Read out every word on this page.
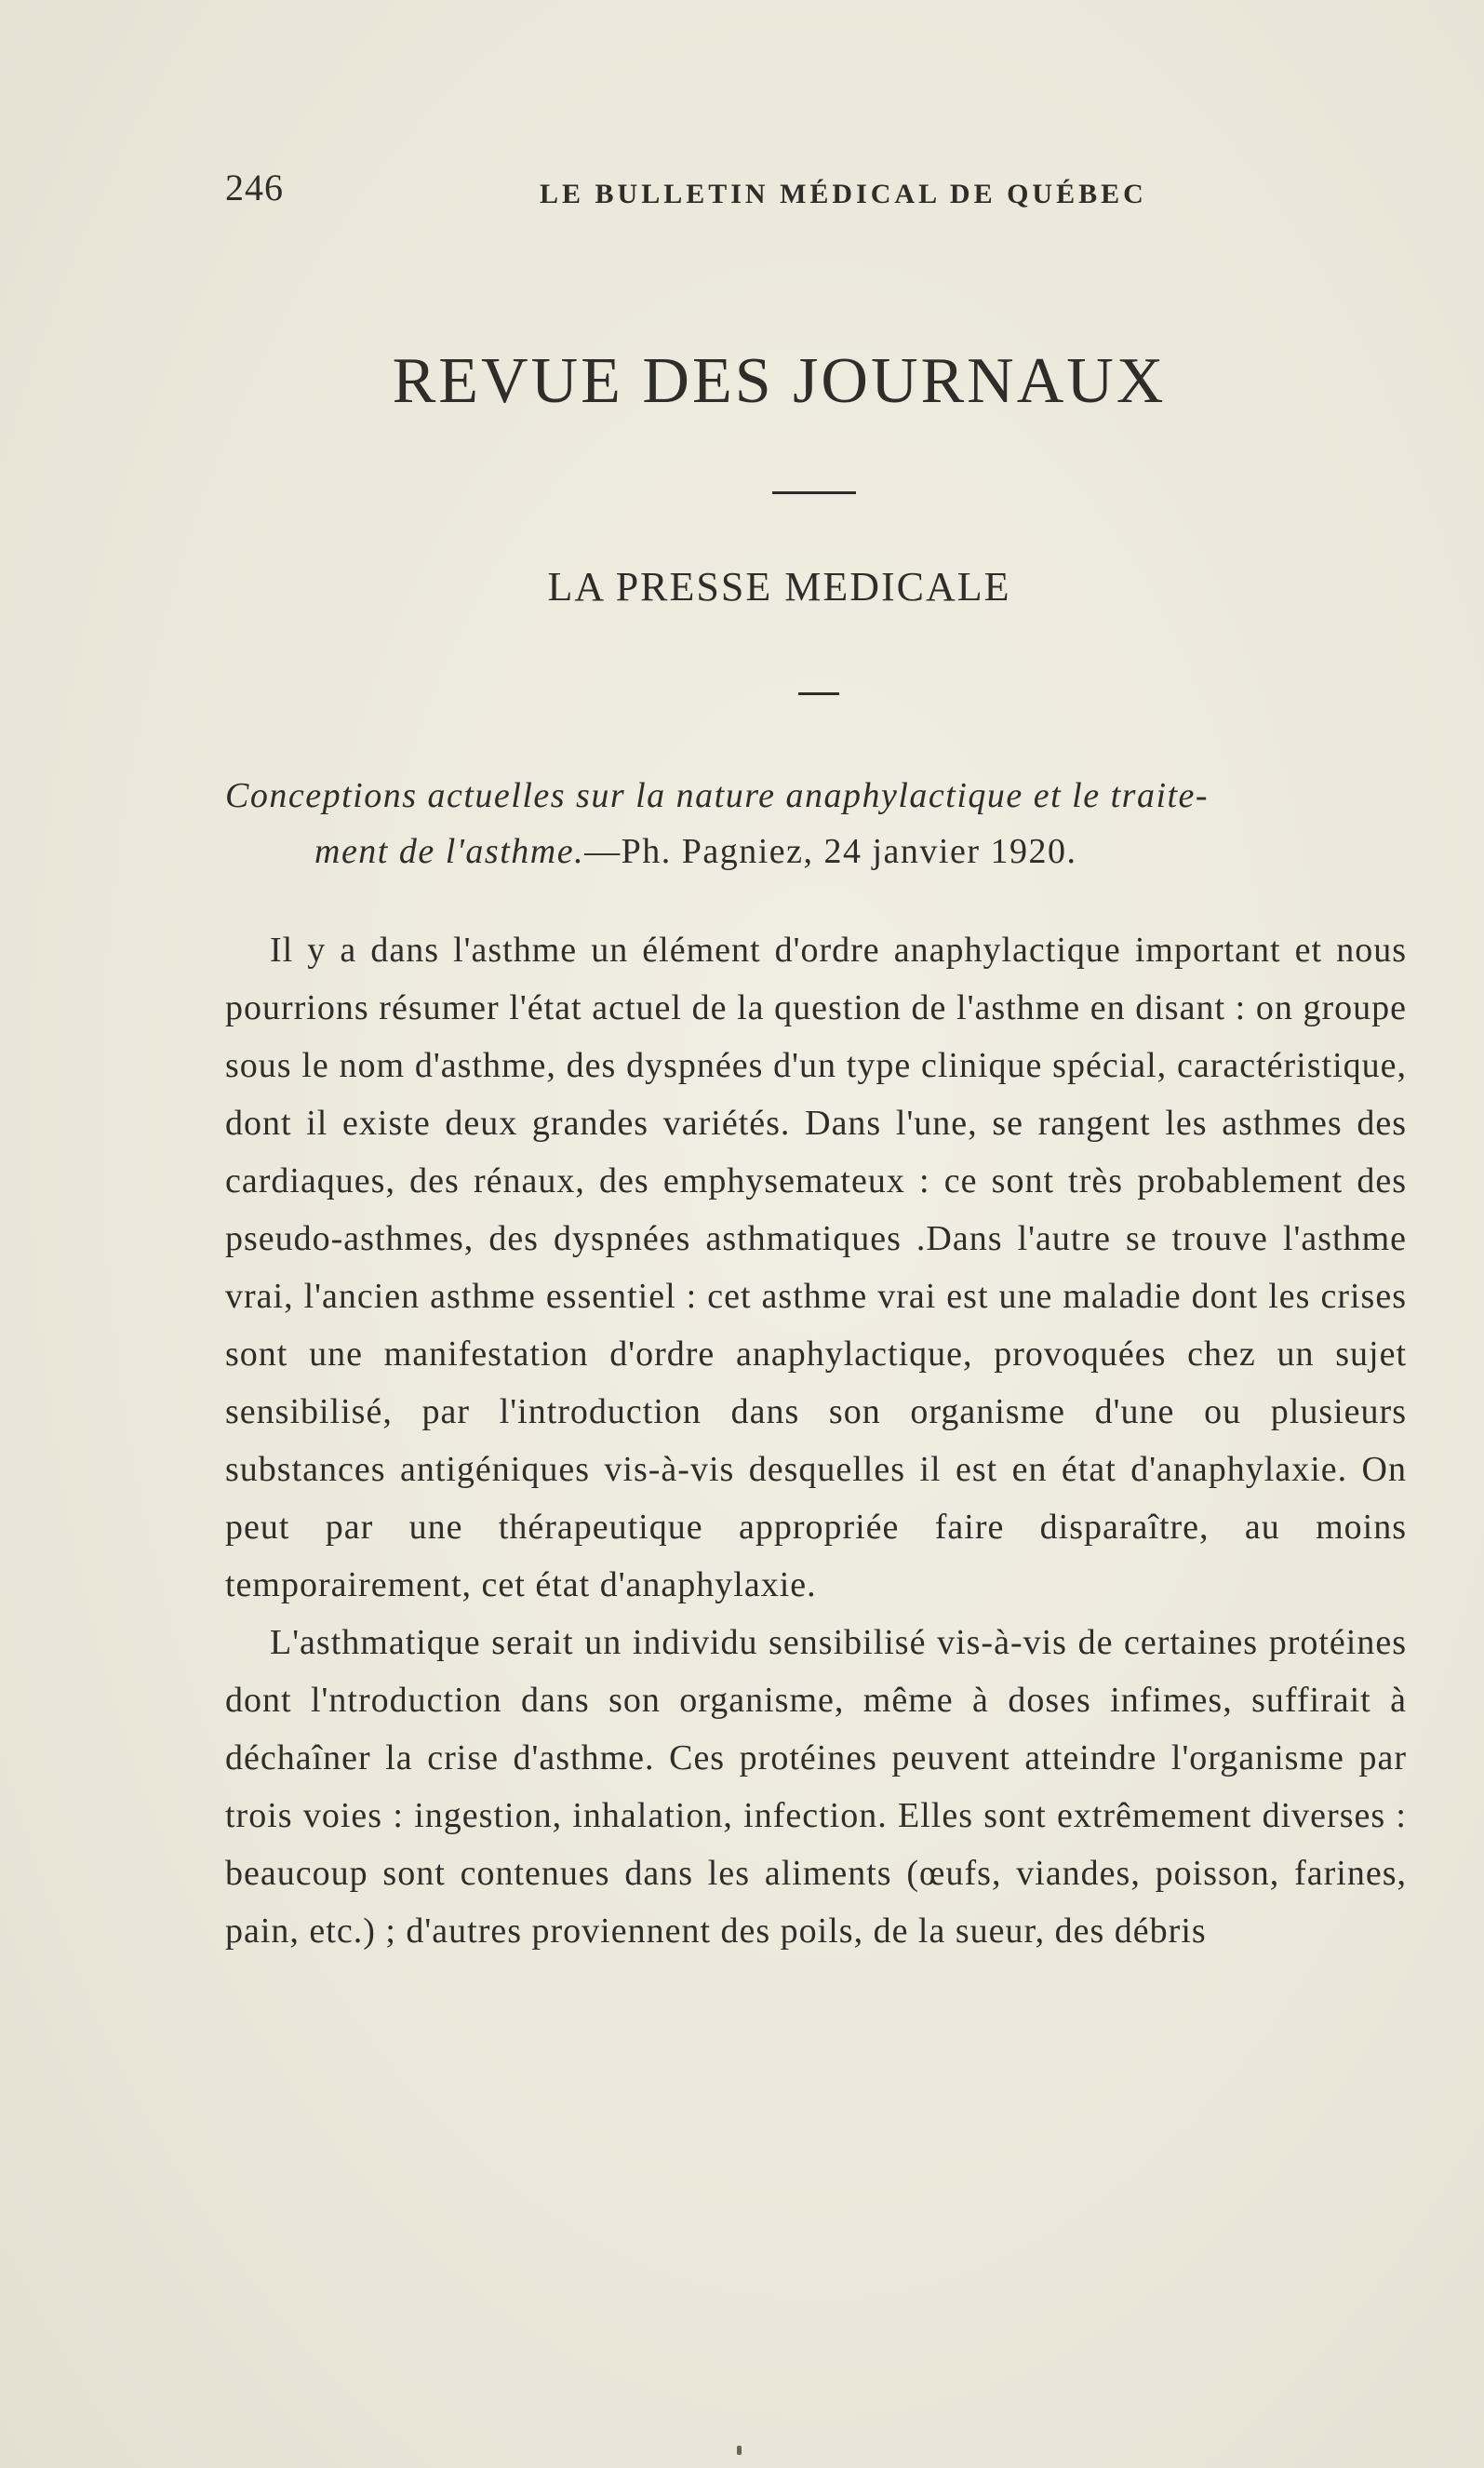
246	LE BULLETIN MÉDICAL DE QUÉBEC
REVUE DES JOURNAUX
LA PRESSE MEDICALE
Conceptions actuelles sur la nature anaphylactique et le traite-
ment de l'asthme.—Ph. Pagniez, 24 janvier 1920.

Il y a dans l'asthme un élément d'ordre anaphylactique important et nous pourrions résumer l'état actuel de la question de l'asthme en disant : on groupe sous le nom d'asthme, des dyspnées d'un type clinique spécial, caractéristique, dont il existe deux grandes variétés. Dans l'une, se rangent les asthmes des cardiaques, des rénaux, des emphysemateux : ce sont très probablement des pseudo-asthmes, des dyspnées asthmatiques .Dans l'autre se trouve l'asthme vrai, l'ancien asthme essentiel : cet asthme vrai est une maladie dont les crises sont une manifestation d'ordre anaphylactique, provoquées chez un sujet sensibilisé, par l'introduction dans son organisme d'une ou plusieurs substances antigéniques vis-à-vis desquelles il est en état d'anaphylaxie. On peut par une thérapeutique appropriée faire disparaître, au moins temporairement, cet état d'anaphylaxie.

L'asthmatique serait un individu sensibilisé vis-à-vis de certaines protéines dont l'ntroduction dans son organisme, même à doses infimes, suffirait à déchaîner la crise d'asthme. Ces protéines peuvent atteindre l'organisme par trois voies : ingestion, inhalation, infection. Elles sont extrêmement diverses : beaucoup sont contenues dans les aliments (œufs, viandes, poisson, farines, pain, etc.) ; d'autres proviennent des poils, de la sueur, des débris
